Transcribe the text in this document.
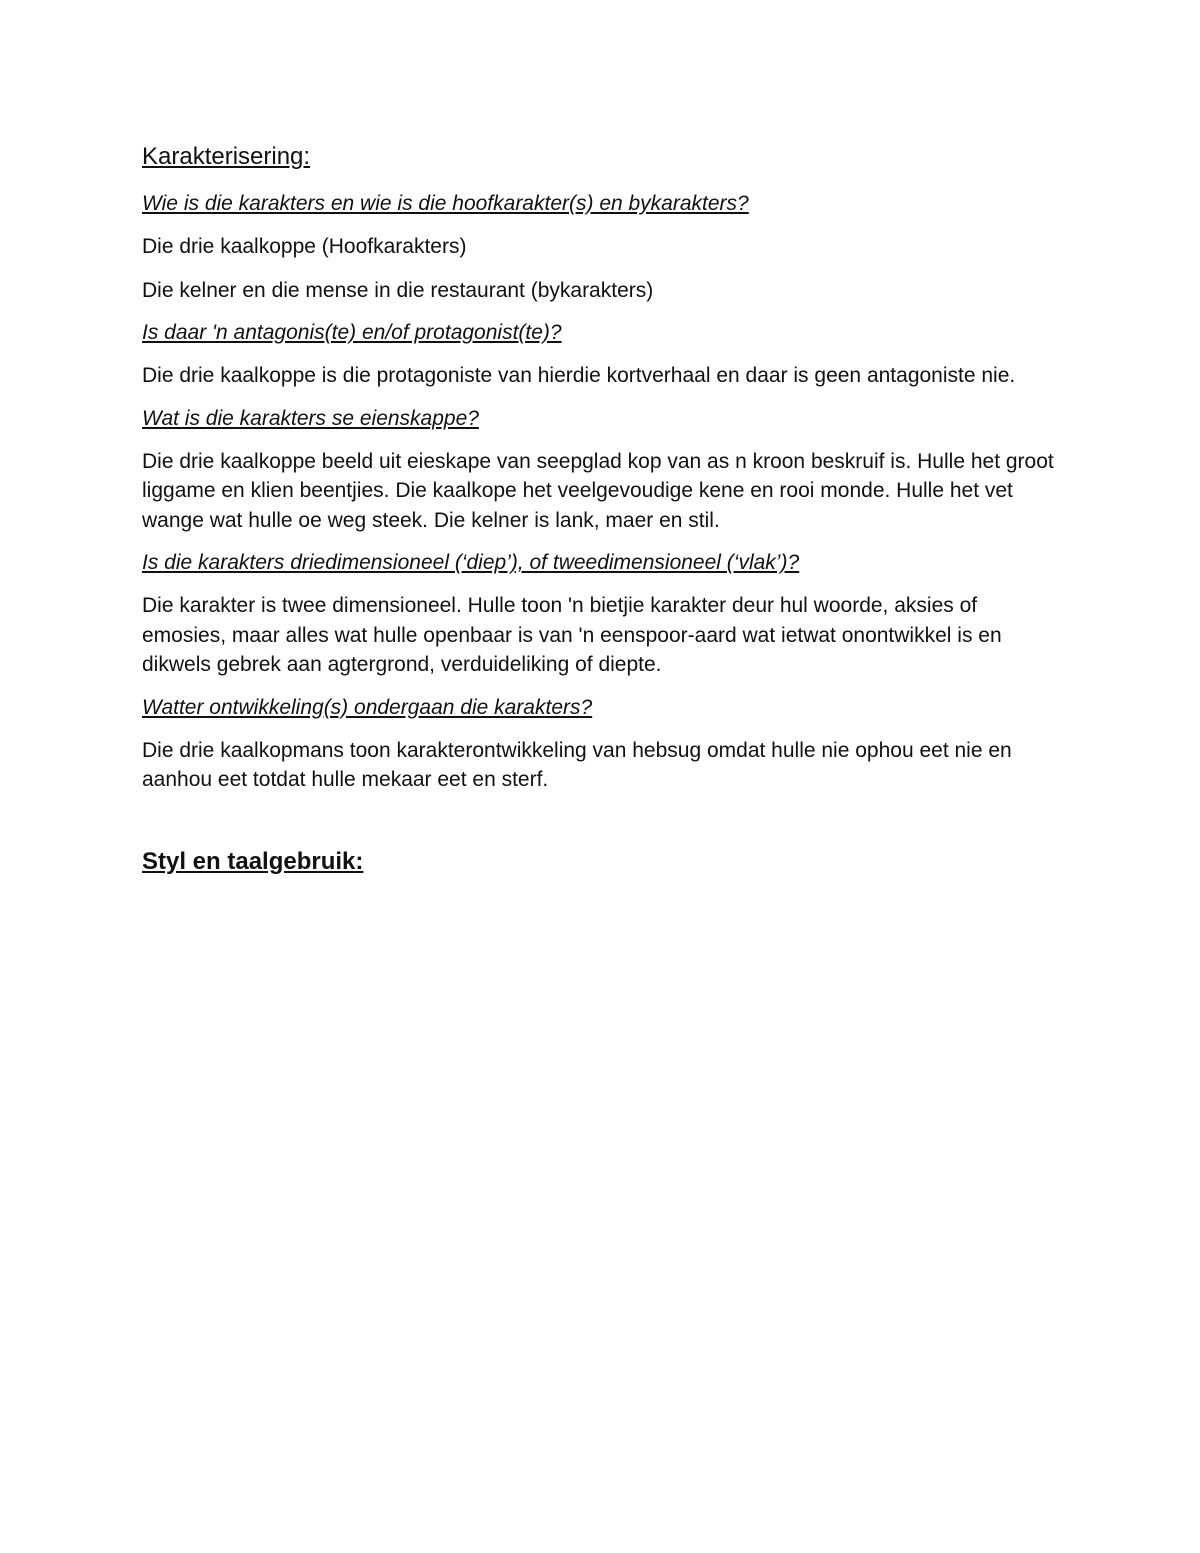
Karakterisering:

Wie is die karakters en wie is die hoofkarakter(s) en bykarakters?

Die drie kaalkoppe (Hoofkarakters)

Die kelner en die mense in die restaurant (bykarakters)

Is daar 'n antagonis(te) en/of protagonist(te)?

Die drie kaalkoppe is die protagoniste van hierdie kortverhaal en daar is geen antagoniste nie.

Wat is die karakters se eienskappe?

Die drie kaalkoppe beeld uit eieskape van seepglad kop van as n kroon beskruif is. Hulle het groot liggame en klien beentjies. Die kaalkope het veelgevoudige kene en rooi monde. Hulle het vet wange wat hulle oe weg steek. Die kelner is lank, maer en stil.

Is die karakters driedimensioneel (‘diep’), of tweedimensioneel (‘vlak’)?

Die karakter is twee dimensioneel. Hulle toon 'n bietjie karakter deur hul woorde, aksies of emosies, maar alles wat hulle openbaar is van 'n eenspoor-aard wat ietwat onontwikkel is en dikwels gebrek aan agtergrond, verduideliking of diepte.

Watter ontwikkeling(s) ondergaan die karakters?

Die drie kaalkopmans toon karakterontwikkeling van hebsug omdat hulle nie ophou eet nie en aanhou eet totdat hulle mekaar eet en sterf.

Styl en taalgebruik:
